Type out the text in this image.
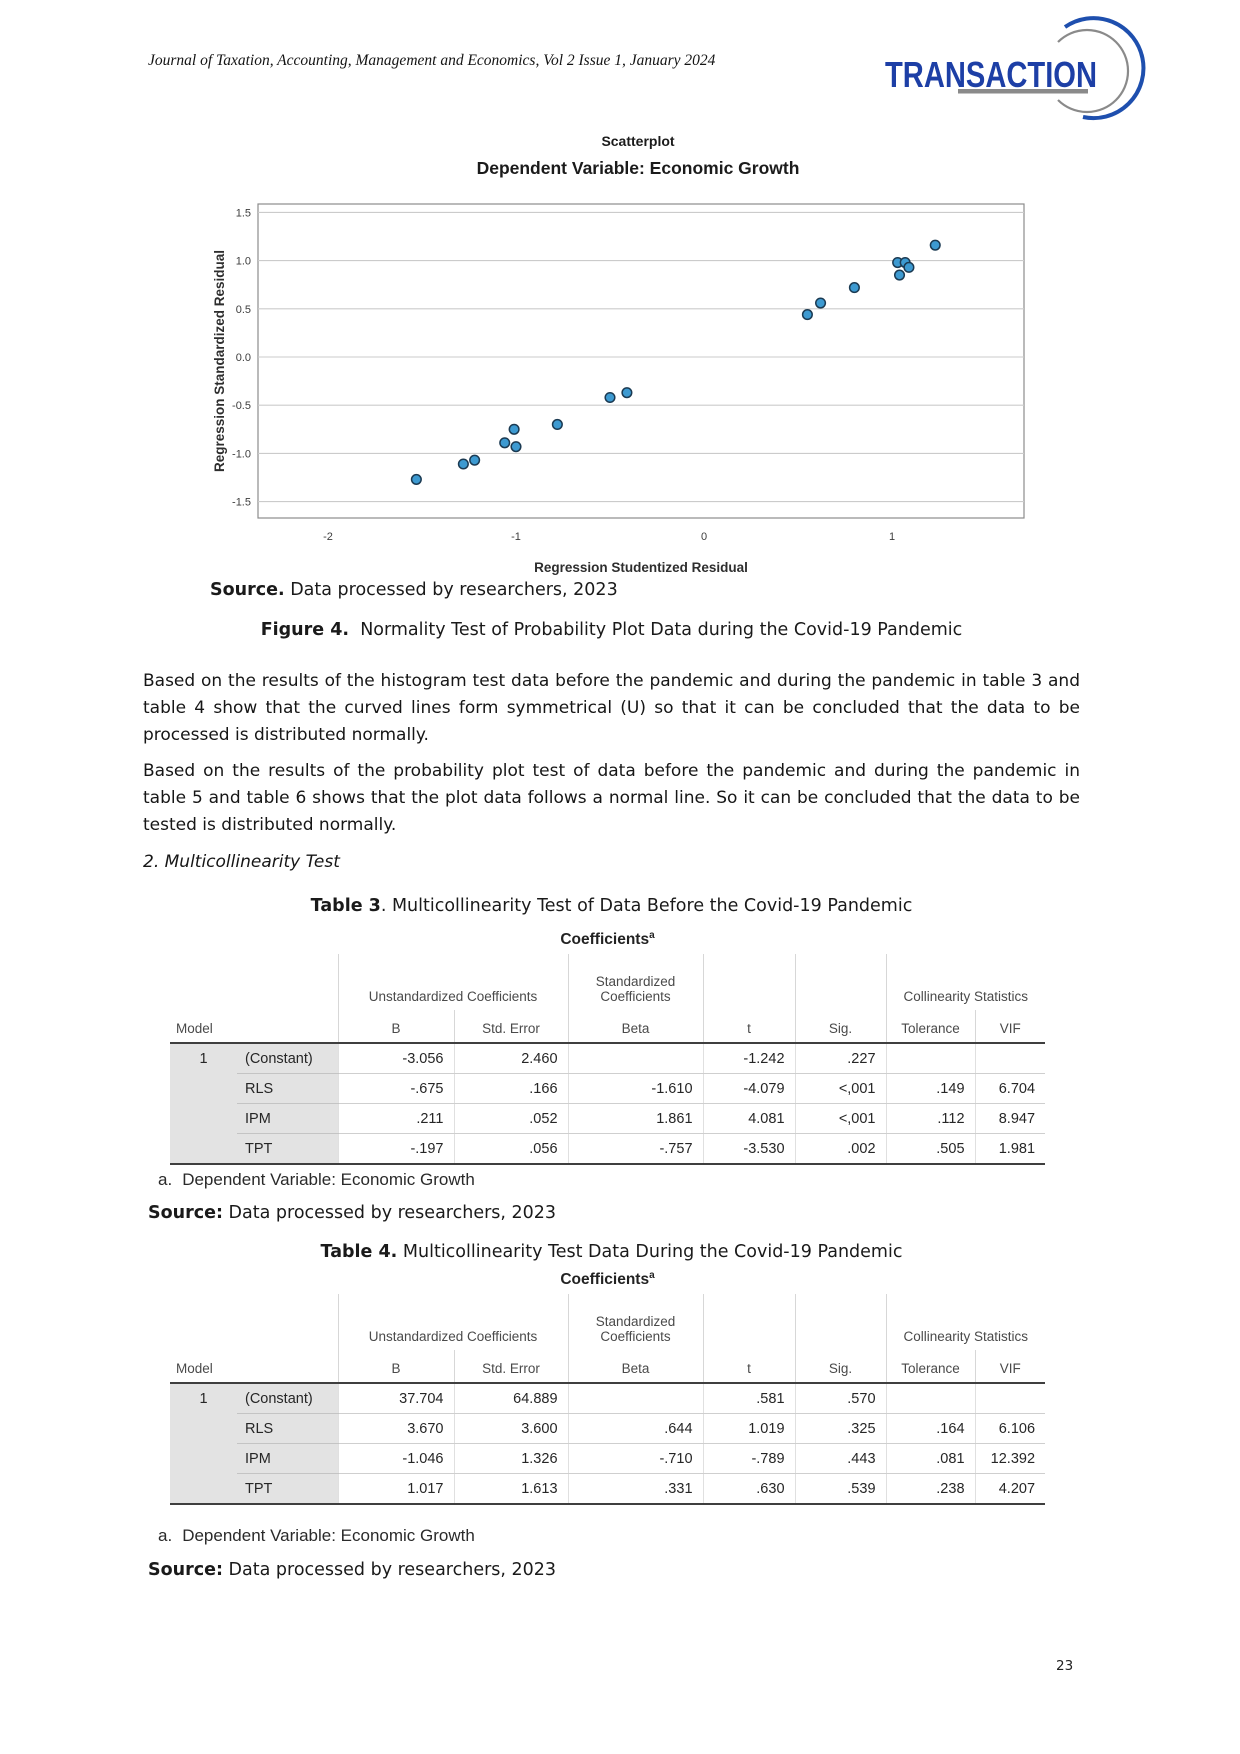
Journal of Taxation, Accounting, Management and Economics, Vol 2 Issue 1, January 2024	TRANSACTION
Scatterplot
Dependent Variable: Economic Growth
1.5
1.0
0.5
0.0
-0.5
-1.0
-1.5
-2	-1	0	1
Regression Standardized Residual
Regression Studentized Residual
Source. Data processed by researchers, 2023
Figure 4. Normality Test of Probability Plot Data during the Covid-19 Pandemic
Based on the results of the histogram test data before the pandemic and during the pandemic in table 3 and table 4 show that the curved lines form symmetrical (U) so that it can be concluded that the data to be processed is distributed normally.
Based on the results of the probability plot test of data before the pandemic and during the pandemic in table 5 and table 6 shows that the plot data follows a normal line. So it can be concluded that the data to be tested is distributed normally.
2. Multicollinearity Test
Table 3. Multicollinearity Test of Data Before the Covid-19 Pandemic
Coefficients$^a$
Model		Unstandardized Coefficients		Standardized Coefficients	t	Sig.	Collinearity Statistics	
		B	Std. Error	Beta			Tolerance	VIF
1	(Constant)	-3.056	2.460		-1.242	.227		
	RLS	-.675	.166	-1.610	-4.079	<,001	.149	6.704
	IPM	.211	.052	1.861	4.081	<,001	.112	8.947
	TPT	-.197	.056	-.757	-3.530	.002	.505	1.981
a. Dependent Variable: Economic Growth
Source: Data processed by researchers, 2023
Table 4. Multicollinearity Test Data During the Covid-19 Pandemic
Coefficients$^a$
Model		Unstandardized Coefficients		Standardized Coefficients	t	Sig.	Collinearity Statistics	
		B	Std. Error	Beta			Tolerance	VIF
1	(Constant)	37.704	64.889		.581	.570		
	RLS	3.670	3.600	.644	1.019	.325	.164	6.106
	IPM	-1.046	1.326	-.710	-.789	.443	.081	12.392
	TPT	1.017	1.613	.331	.630	.539	.238	4.207
a. Dependent Variable: Economic Growth
Source: Data processed by researchers, 2023
23
